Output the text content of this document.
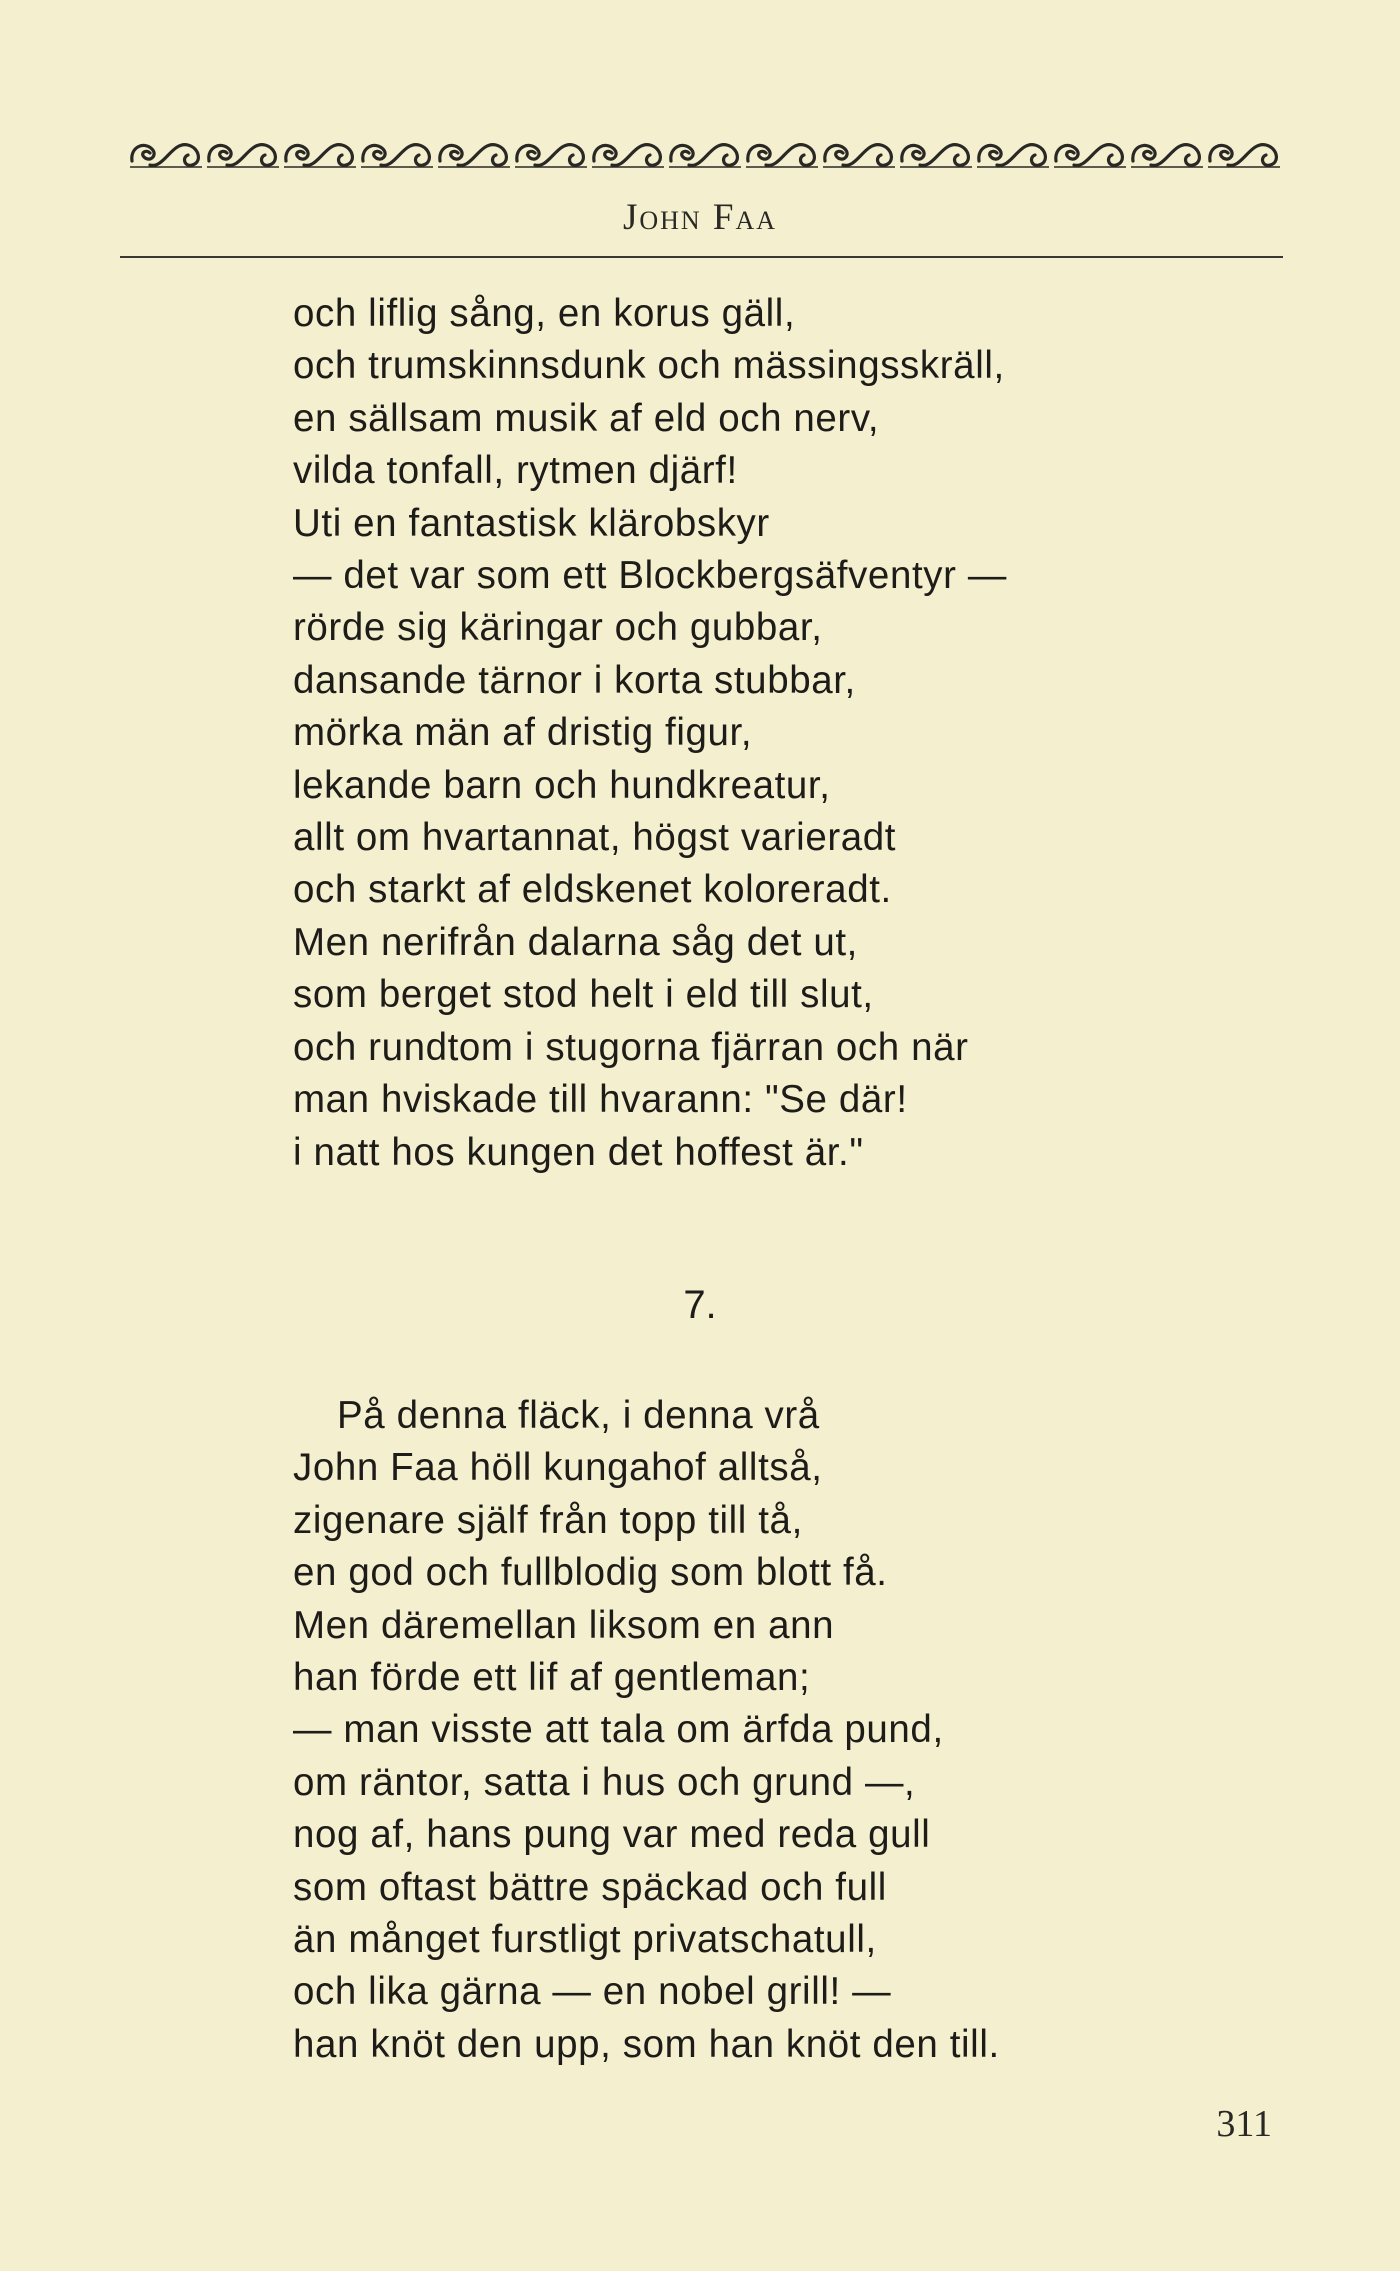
John Faa
och liflig sång, en korus gäll,
och trumskinnsdunk och mässingsskräll,
en sällsam musik af eld och nerv,
vilda tonfall, rytmen djärf!
Uti en fantastisk klärobskyr
— det var som ett Blockbergsäfventyr —
rörde sig käringar och gubbar,
dansande tärnor i korta stubbar,
mörka män af dristig figur,
lekande barn och hundkreatur,
allt om hvartannat, högst varieradt
och starkt af eldskenet koloreradt.
Men nerifrån dalarna såg det ut,
som berget stod helt i eld till slut,
och rundtom i stugorna fjärran och när
man hviskade till hvarann: "Se där!
i natt hos kungen det hoffest är."
7.
På denna fläck, i denna vrå
John Faa höll kungahof alltså,
zigenare själf från topp till tå,
en god och fullblodig som blott få.
Men däremellan liksom en ann
han förde ett lif af gentleman;
— man visste att tala om ärfda pund,
om räntor, satta i hus och grund —,
nog af, hans pung var med reda gull
som oftast bättre späckad och full
än månget furstligt privatschatull,
och lika gärna — en nobel grill! —
han knöt den upp, som han knöt den till.
311
